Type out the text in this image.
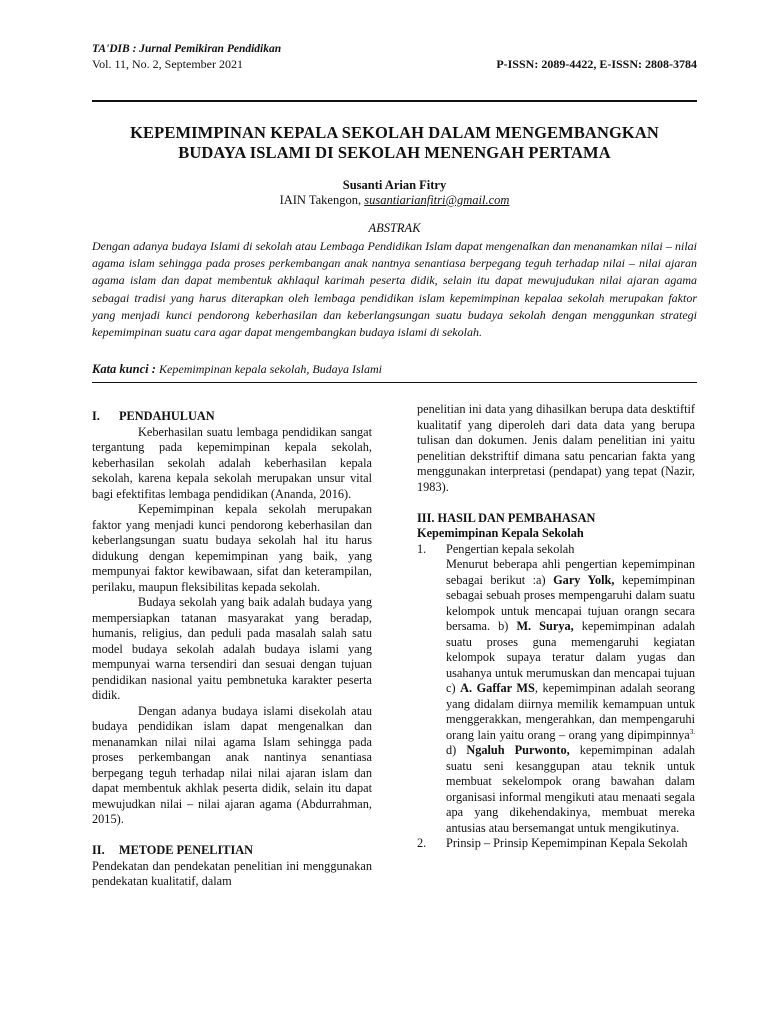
TA'DIB : Jurnal Pemikiran Pendidikan
Vol. 11, No. 2, September 2021	P-ISSN: 2089-4422, E-ISSN: 2808-3784
KEPEMIMPINAN KEPALA SEKOLAH DALAM MENGEMBANGKAN
BUDAYA ISLAMI DI SEKOLAH MENENGAH PERTAMA
Susanti Arian Fitry
IAIN Takengon, susantiarianfitri@gmail.com
ABSTRAK
Dengan adanya budaya Islami di sekolah atau Lembaga Pendidikan Islam dapat mengenalkan dan menanamkan nilai – nilai agama islam sehingga pada proses perkembangan anak nantnya senantiasa berpegang teguh terhadap nilai – nilai ajaran agama islam dan dapat membentuk akhlaqul karimah peserta didik, selain itu dapat mewujudukan nilai ajaran agama sebagai tradisi yang harus diterapkan oleh lembaga pendidikan islam kepemimpinan kepalaa sekolah merupakan faktor yang menjadi kunci pendorong keberhasilan dan keberlangsungan suatu budaya sekolah dengan menggunkan strategi kepemimpinan suatu cara agar dapat mengembangkan budaya islami di sekolah.
Kata kunci : Kepemimpinan kepala sekolah, Budaya Islami
I. PENDAHULUAN

Keberhasilan suatu lembaga pendidikan sangat tergantung pada kepemimpinan kepala sekolah, keberhasilan sekolah adalah keberhasilan kepala sekolah, karena kepala sekolah merupakan unsur vital bagi efektifitas lembaga pendidikan (Ananda, 2016).

Kepemimpinan kepala sekolah merupakan faktor yang menjadi kunci pendorong keberhasilan dan keberlangsungan suatu budaya sekolah hal itu harus didukung dengan kepemimpinan yang baik, yang mempunyai faktor kewibawaan, sifat dan keterampilan, perilaku, maupun fleksibilitas kepada sekolah.

Budaya sekolah yang baik adalah budaya yang mempersiapkan tatanan masyarakat yang beradap, humanis, religius, dan peduli pada masalah salah satu model budaya sekolah adalah budaya islami yang mempunyai warna tersendiri dan sesuai dengan tujuan pendidikan nasional yaitu pembnetuka karakter peserta didik.

Dengan adanya budaya islami disekolah atau budaya pendidikan islam dapat mengenalkan dan menanamkan nilai nilai agama Islam sehingga pada proses perkembangan anak nantinya senantiasa berpegang teguh terhadap nilai nilai ajaran islam dan dapat membentuk akhlak peserta didik, selain itu dapat mewujudkan nilai – nilai ajaran agama (Abdurrahman, 2015).

II. METODE PENELITIAN

Pendekatan dan pendekatan penelitian ini menggunakan pendekatan kualitatif, dalam

penelitian ini data yang dihasilkan berupa data desktiftif kualitatif yang diperoleh dari data data yang berupa tulisan dan dokumen. Jenis dalam penelitian ini yaitu penelitian dekstriftif dimana satu pencarian fakta yang menggunakan interpretasi (pendapat) yang tepat (Nazir, 1983).

III. HASIL DAN PEMBAHASAN
Kepemimpinan Kepala Sekolah
1.	Pengertian kepala sekolah

Menurut beberapa ahli pengertian kepemimpinan sebagai berikut :a) Gary Yolk, kepemimpinan sebagai sebuah proses mempengaruhi dalam suatu kelompok untuk mencapai tujuan orangn secara bersama. b) M. Surya, kepemimpinan adalah suatu proses guna memengaruhi kegiatan kelompok supaya teratur dalam yugas dan usahanya untuk merumuskan dan mencapai tujuan c) A. Gaffar MS, kepemimpinan adalah seorang yang didalam diirnya memilik kemampuan untuk menggerakkan, mengerahkan, dan mempengaruhi orang lain yaitu orang – orang yang dipimpinnya$^{3.}$ d) Ngaluh Purwonto, kepemimpinan adalah suatu seni kesanggupan atau teknik untuk membuat sekelompok orang bawahan dalam organisasi informal mengikuti atau menaati segala apa yang dikehendakinya, membuat mereka antusias atau bersemangat untuk mengikutinya.

2.	Prinsip – Prinsip Kepemimpinan Kepala Sekolah
